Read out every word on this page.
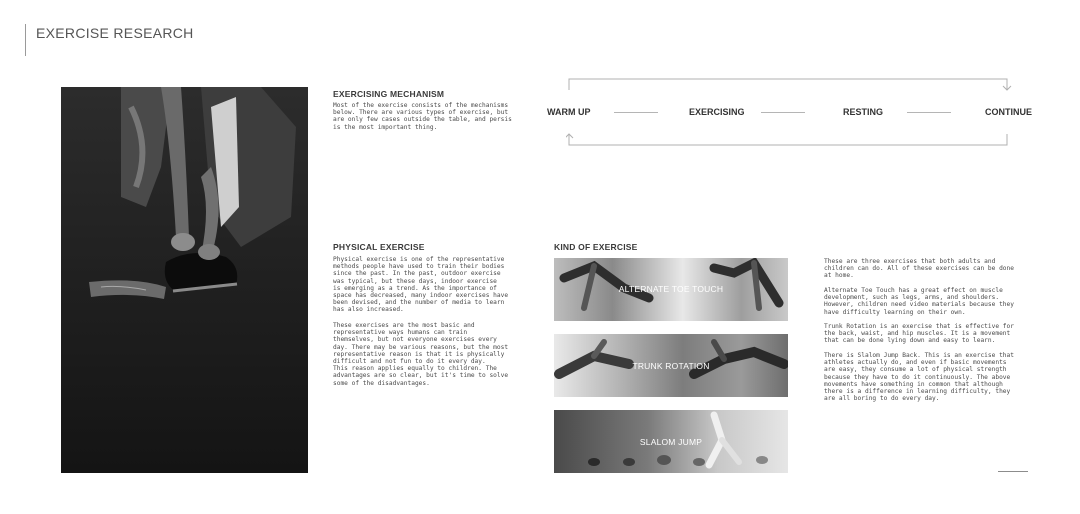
EXERCISE RESEARCH
EXERCISING MECHANISM

Most of the exercise consists of the mechanisms
below. There are various types of exercise, but
are only few cases outside the table, and persis
is the most important thing.

WARM UP	EXERCISING	RESTING	CONTINUE
PHYSICAL EXERCISE

Physical exercise is one of the representative
methods people have used to train their bodies
since the past. In the past, outdoor exercise
was typical, but these days, indoor exercise
is emerging as a trend. As the importance of
space has decreased, many indoor exercises have
been devised, and the number of media to learn
has also increased.

These exercises are the most basic and
representative ways humans can train
themselves, but not everyone exercises every
day. There may be various reasons, but the most
representative reason is that it is physically
difficult and not fun to do it every day.
This reason applies equally to children. The
advantages are so clear, but it's time to solve
some of the disadvantages.

KIND OF EXERCISE
ALTERNATE TOE TOUCH
TRUNK ROTATION
SLALOM JUMP

These are three exercises that both adults and
children can do. All of these exercises can be done
at home.

Alternate Toe Touch has a great effect on muscle
development, such as legs, arms, and shoulders.
However, children need video materials because they
have difficulty learning on their own.

Trunk Rotation is an exercise that is effective for
the back, waist, and hip muscles. It is a movement
that can be done lying down and easy to learn.

There is Slalom Jump Back. This is an exercise that
athletes actually do, and even if basic movements
are easy, they consume a lot of physical strength
because they have to do it continuously. The above
movements have something in common that although
there is a difference in learning difficulty, they
are all boring to do every day.
